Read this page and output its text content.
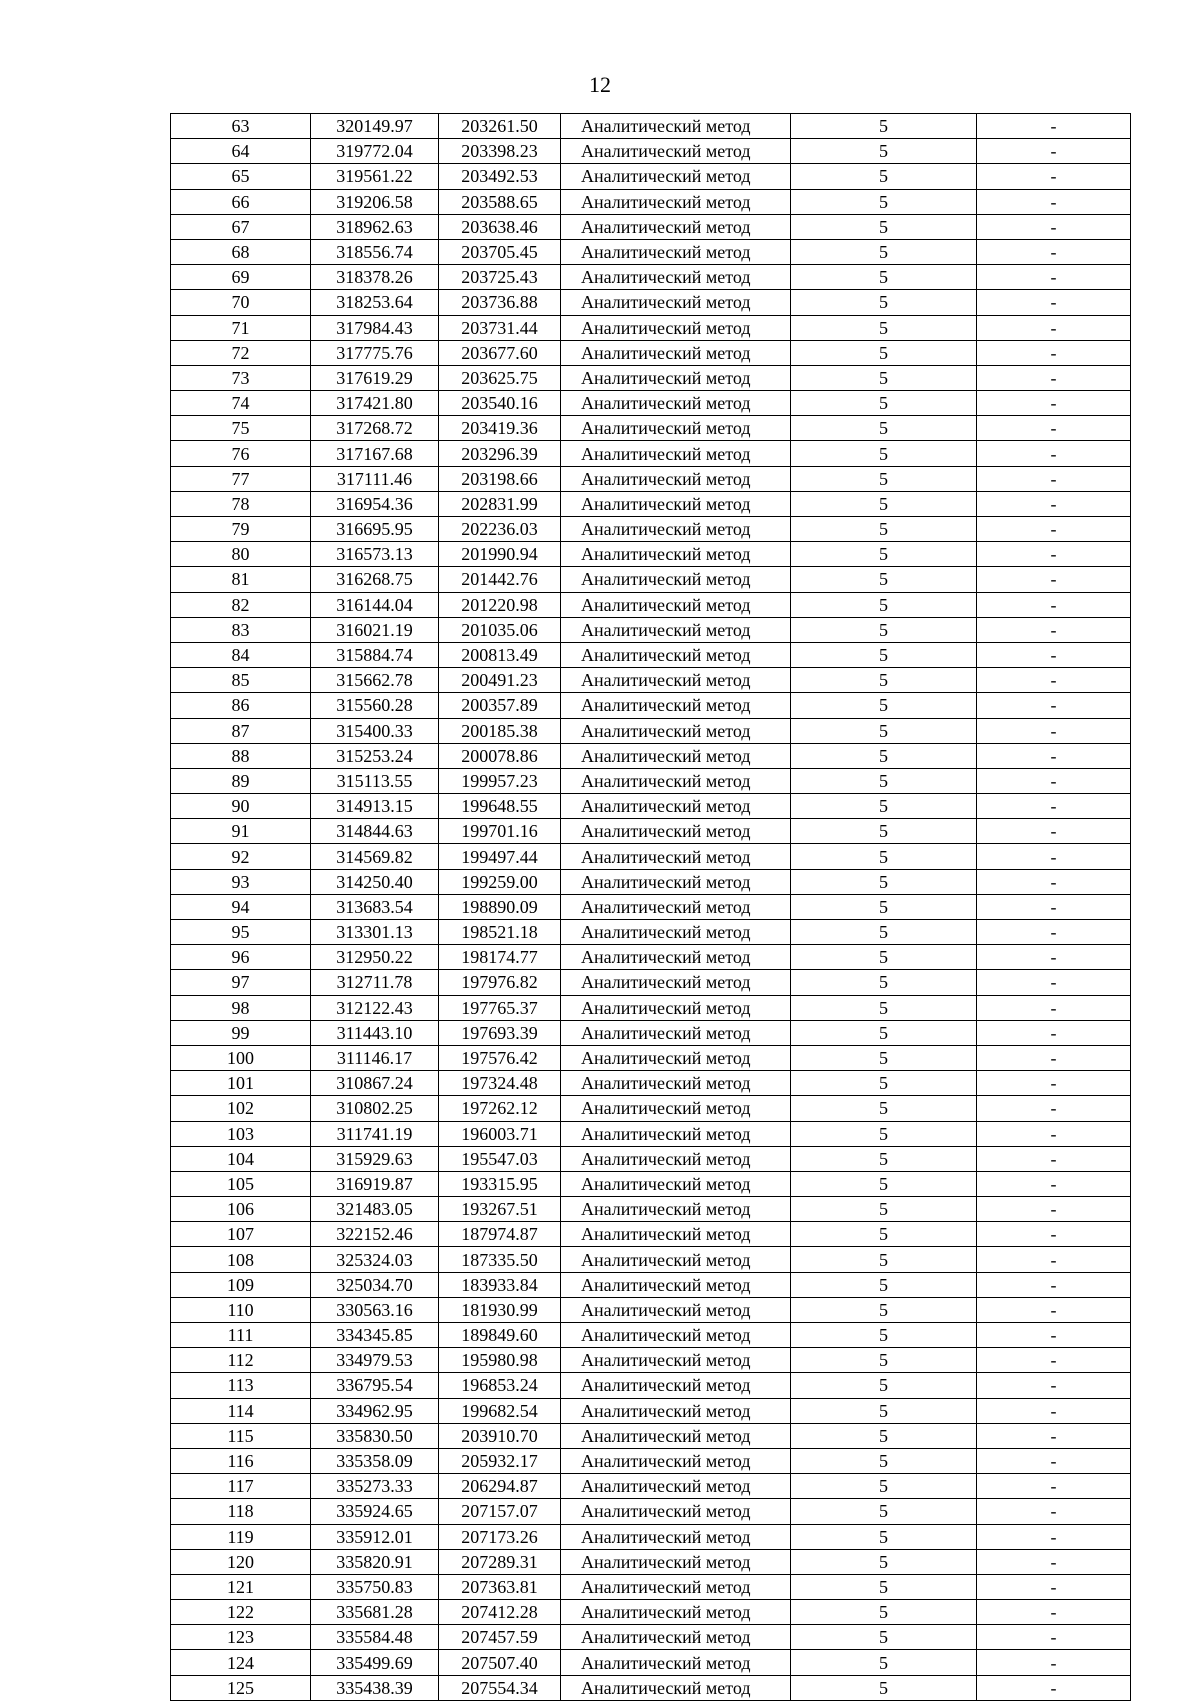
12
63	320149.97	203261.50	Аналитический метод	5	-
64	319772.04	203398.23	Аналитический метод	5	-
65	319561.22	203492.53	Аналитический метод	5	-
66	319206.58	203588.65	Аналитический метод	5	-
67	318962.63	203638.46	Аналитический метод	5	-
68	318556.74	203705.45	Аналитический метод	5	-
69	318378.26	203725.43	Аналитический метод	5	-
70	318253.64	203736.88	Аналитический метод	5	-
71	317984.43	203731.44	Аналитический метод	5	-
72	317775.76	203677.60	Аналитический метод	5	-
73	317619.29	203625.75	Аналитический метод	5	-
74	317421.80	203540.16	Аналитический метод	5	-
75	317268.72	203419.36	Аналитический метод	5	-
76	317167.68	203296.39	Аналитический метод	5	-
77	317111.46	203198.66	Аналитический метод	5	-
78	316954.36	202831.99	Аналитический метод	5	-
79	316695.95	202236.03	Аналитический метод	5	-
80	316573.13	201990.94	Аналитический метод	5	-
81	316268.75	201442.76	Аналитический метод	5	-
82	316144.04	201220.98	Аналитический метод	5	-
83	316021.19	201035.06	Аналитический метод	5	-
84	315884.74	200813.49	Аналитический метод	5	-
85	315662.78	200491.23	Аналитический метод	5	-
86	315560.28	200357.89	Аналитический метод	5	-
87	315400.33	200185.38	Аналитический метод	5	-
88	315253.24	200078.86	Аналитический метод	5	-
89	315113.55	199957.23	Аналитический метод	5	-
90	314913.15	199648.55	Аналитический метод	5	-
91	314844.63	199701.16	Аналитический метод	5	-
92	314569.82	199497.44	Аналитический метод	5	-
93	314250.40	199259.00	Аналитический метод	5	-
94	313683.54	198890.09	Аналитический метод	5	-
95	313301.13	198521.18	Аналитический метод	5	-
96	312950.22	198174.77	Аналитический метод	5	-
97	312711.78	197976.82	Аналитический метод	5	-
98	312122.43	197765.37	Аналитический метод	5	-
99	311443.10	197693.39	Аналитический метод	5	-
100	311146.17	197576.42	Аналитический метод	5	-
101	310867.24	197324.48	Аналитический метод	5	-
102	310802.25	197262.12	Аналитический метод	5	-
103	311741.19	196003.71	Аналитический метод	5	-
104	315929.63	195547.03	Аналитический метод	5	-
105	316919.87	193315.95	Аналитический метод	5	-
106	321483.05	193267.51	Аналитический метод	5	-
107	322152.46	187974.87	Аналитический метод	5	-
108	325324.03	187335.50	Аналитический метод	5	-
109	325034.70	183933.84	Аналитический метод	5	-
110	330563.16	181930.99	Аналитический метод	5	-
111	334345.85	189849.60	Аналитический метод	5	-
112	334979.53	195980.98	Аналитический метод	5	-
113	336795.54	196853.24	Аналитический метод	5	-
114	334962.95	199682.54	Аналитический метод	5	-
115	335830.50	203910.70	Аналитический метод	5	-
116	335358.09	205932.17	Аналитический метод	5	-
117	335273.33	206294.87	Аналитический метод	5	-
118	335924.65	207157.07	Аналитический метод	5	-
119	335912.01	207173.26	Аналитический метод	5	-
120	335820.91	207289.31	Аналитический метод	5	-
121	335750.83	207363.81	Аналитический метод	5	-
122	335681.28	207412.28	Аналитический метод	5	-
123	335584.48	207457.59	Аналитический метод	5	-
124	335499.69	207507.40	Аналитический метод	5	-
125	335438.39	207554.34	Аналитический метод	5	-
